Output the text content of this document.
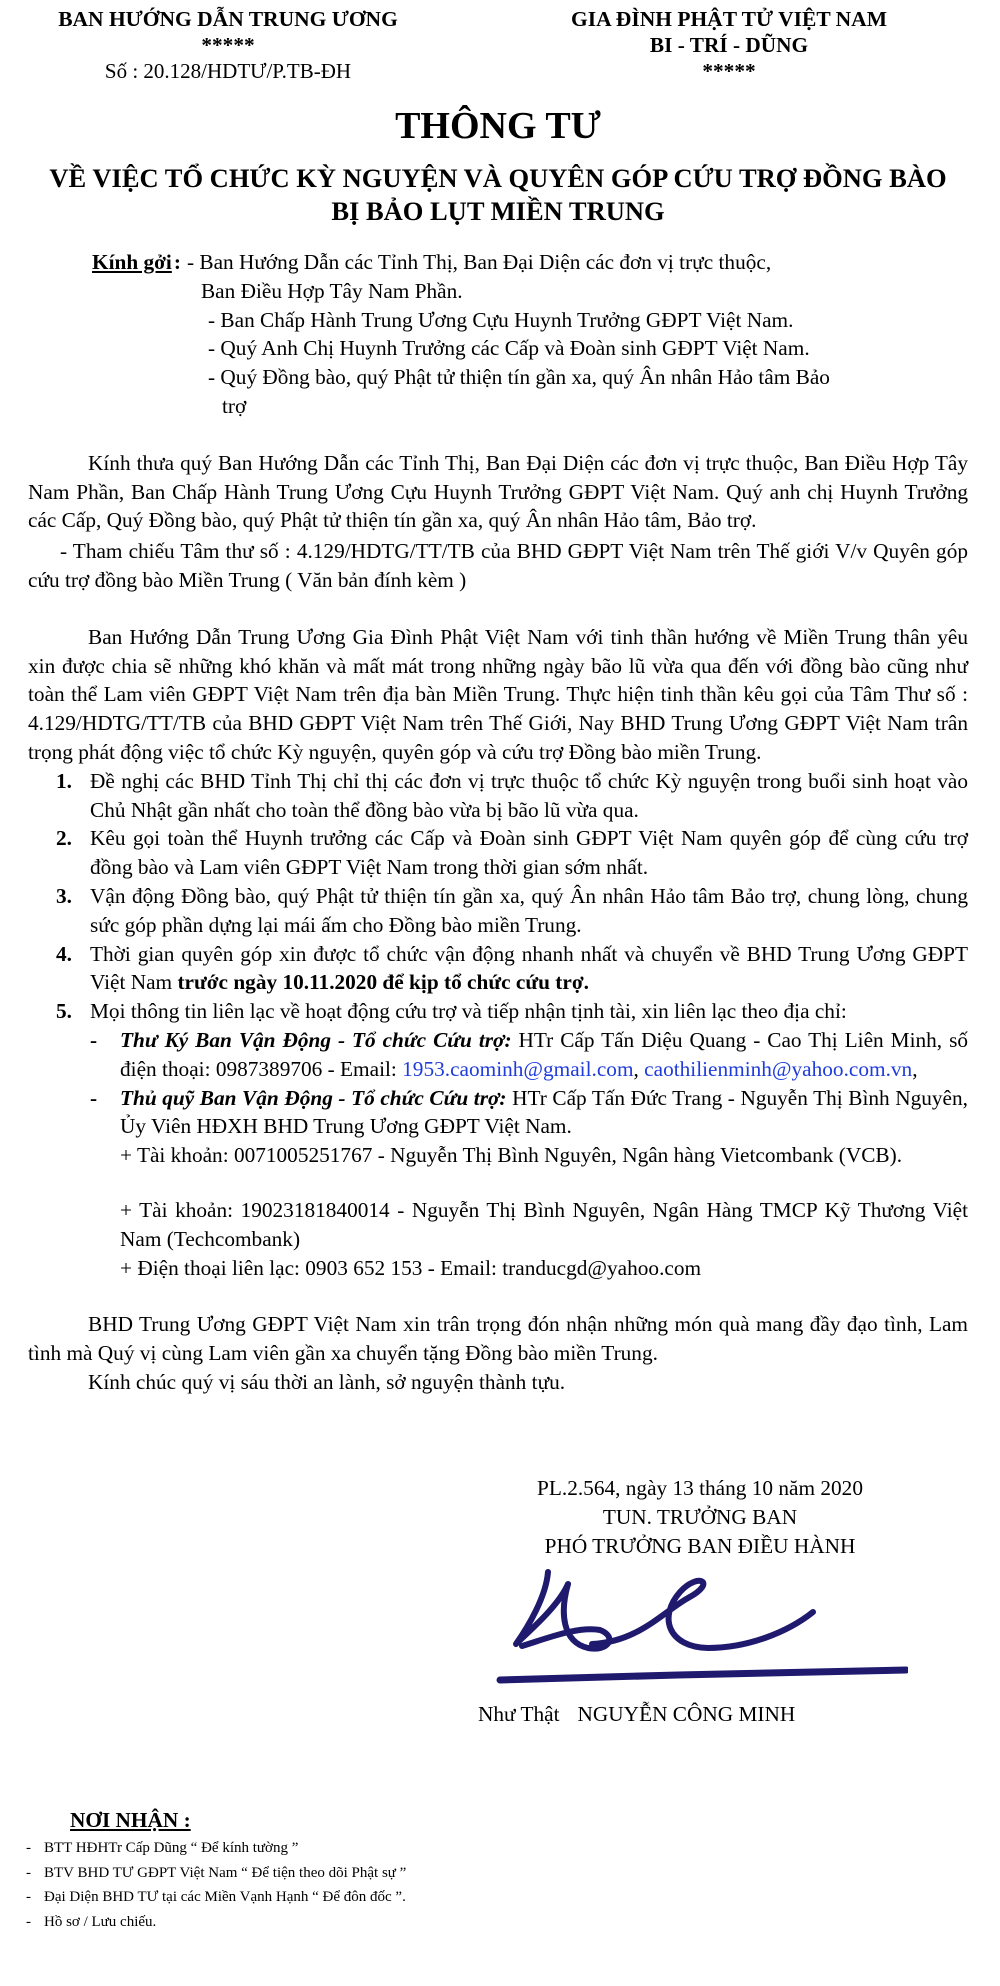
BAN HƯỚNG DẪN TRUNG ƯƠNG
*****
Số : 20.128/HDTƯ/P.TB-ĐH
GIA ĐÌNH PHẬT TỬ VIỆT NAM
BI - TRÍ - DŨNG
*****
THÔNG TƯ
VỀ VIỆC TỔ CHỨC KỲ NGUYỆN VÀ QUYÊN GÓP CỨU TRỢ ĐỒNG BÀO BỊ BẢO LỤT MIỀN TRUNG
Kính gởi : - Ban Hướng Dẫn các Tỉnh Thị, Ban Đại Diện các đơn vị trực thuộc,
Ban Điều Hợp Tây Nam Phần.
- Ban Chấp Hành Trung Ương Cựu Huynh Trưởng GĐPT Việt Nam.
- Quý Anh Chị Huynh Trưởng các Cấp và Đoàn sinh GĐPT Việt Nam.
- Quý Đồng bào, quý Phật tử thiện tín gần xa, quý Ân nhân Hảo tâm Bảo
trợ

Kính thưa quý Ban Hướng Dẫn các Tỉnh Thị, Ban Đại Diện các đơn vị trực thuộc, Ban Điều Hợp Tây Nam Phần, Ban Chấp Hành Trung Ương Cựu Huynh Trưởng GĐPT Việt Nam. Quý anh chị Huynh Trưởng các Cấp, Quý Đồng bào, quý Phật tử thiện tín gần xa, quý Ân nhân Hảo tâm, Bảo trợ.

- Tham chiếu Tâm thư số : 4.129/HDTG/TT/TB của BHD GĐPT Việt Nam trên Thế giới V/v Quyên góp cứu trợ đồng bào Miền Trung ( Văn bản đính kèm )

Ban Hướng Dẫn Trung Ương Gia Đình Phật Việt Nam với tinh thần hướng về Miền Trung thân yêu xin được chia sẽ những khó khăn và mất mát trong những ngày bão lũ vừa qua đến với đồng bào cũng như toàn thể Lam viên GĐPT Việt Nam trên địa bàn Miền Trung. Thực hiện tinh thần kêu gọi của Tâm Thư số : 4.129/HDTG/TT/TB của BHD GĐPT Việt Nam trên Thế Giới, Nay BHD Trung Ương GĐPT Việt Nam trân trọng phát động việc tổ chức Kỳ nguyện, quyên góp và cứu trợ Đồng bào miền Trung.

1. Đề nghị các BHD Tỉnh Thị chỉ thị các đơn vị trực thuộc tổ chức Kỳ nguyện trong buổi sinh hoạt vào Chủ Nhật gần nhất cho toàn thể đồng bào vừa bị bão lũ vừa qua.
2. Kêu gọi toàn thể Huynh trưởng các Cấp và Đoàn sinh GĐPT Việt Nam quyên góp để cùng cứu trợ đồng bào và Lam viên GĐPT Việt Nam trong thời gian sớm nhất.
3. Vận động Đồng bào, quý Phật tử thiện tín gần xa, quý Ân nhân Hảo tâm Bảo trợ, chung lòng, chung sức góp phần dựng lại mái ấm cho Đồng bào miền Trung.
4. Thời gian quyên góp xin được tổ chức vận động nhanh nhất và chuyển về BHD Trung Ương GĐPT Việt Nam trước ngày 10.11.2020 để kịp tổ chức cứu trợ.
5. Mọi thông tin liên lạc về hoạt động cứu trợ và tiếp nhận tịnh tài, xin liên lạc theo địa chỉ:
- Thư Ký Ban Vận Động - Tổ chức Cứu trợ: HTr Cấp Tấn Diệu Quang - Cao Thị Liên Minh, số điện thoại: 0987389706 - Email: 1953.caominh@gmail.com, caothilienminh@yahoo.com.vn,
- Thủ quỹ Ban Vận Động - Tổ chức Cứu trợ: HTr Cấp Tấn Đức Trang - Nguyễn Thị Bình Nguyên, Ủy Viên HĐXH BHD Trung Ương GĐPT Việt Nam.
+ Tài khoản: 0071005251767 - Nguyễn Thị Bình Nguyên, Ngân hàng Vietcombank (VCB).
+ Tài khoản: 19023181840014 - Nguyễn Thị Bình Nguyên, Ngân Hàng TMCP Kỹ Thương Việt Nam (Techcombank)
+ Điện thoại liên lạc: 0903 652 153 - Email: tranducgd@yahoo.com

BHD Trung Ương GĐPT Việt Nam xin trân trọng đón nhận những món quà mang đầy đạo tình, Lam tình mà Quý vị cùng Lam viên gần xa chuyển tặng Đồng bào miền Trung.

Kính chúc quý vị sáu thời an lành, sở nguyện thành tựu.

PL.2.564, ngày 13 tháng 10 năm 2020
TUN. TRƯỞNG BAN
PHÓ TRƯỞNG BAN ĐIỀU HÀNH
Như Thật NGUYỄN CÔNG MINH
NƠI NHẬN :
- BTT HĐHTr Cấp Dũng “ Để kính tường ”
- BTV BHD TƯ GĐPT Việt Nam “ Để tiện theo dõi Phật sự ”
- Đại Diện BHD TƯ tại các Miền Vạnh Hạnh “ Để đôn đốc ”.
- Hồ sơ / Lưu chiếu.
